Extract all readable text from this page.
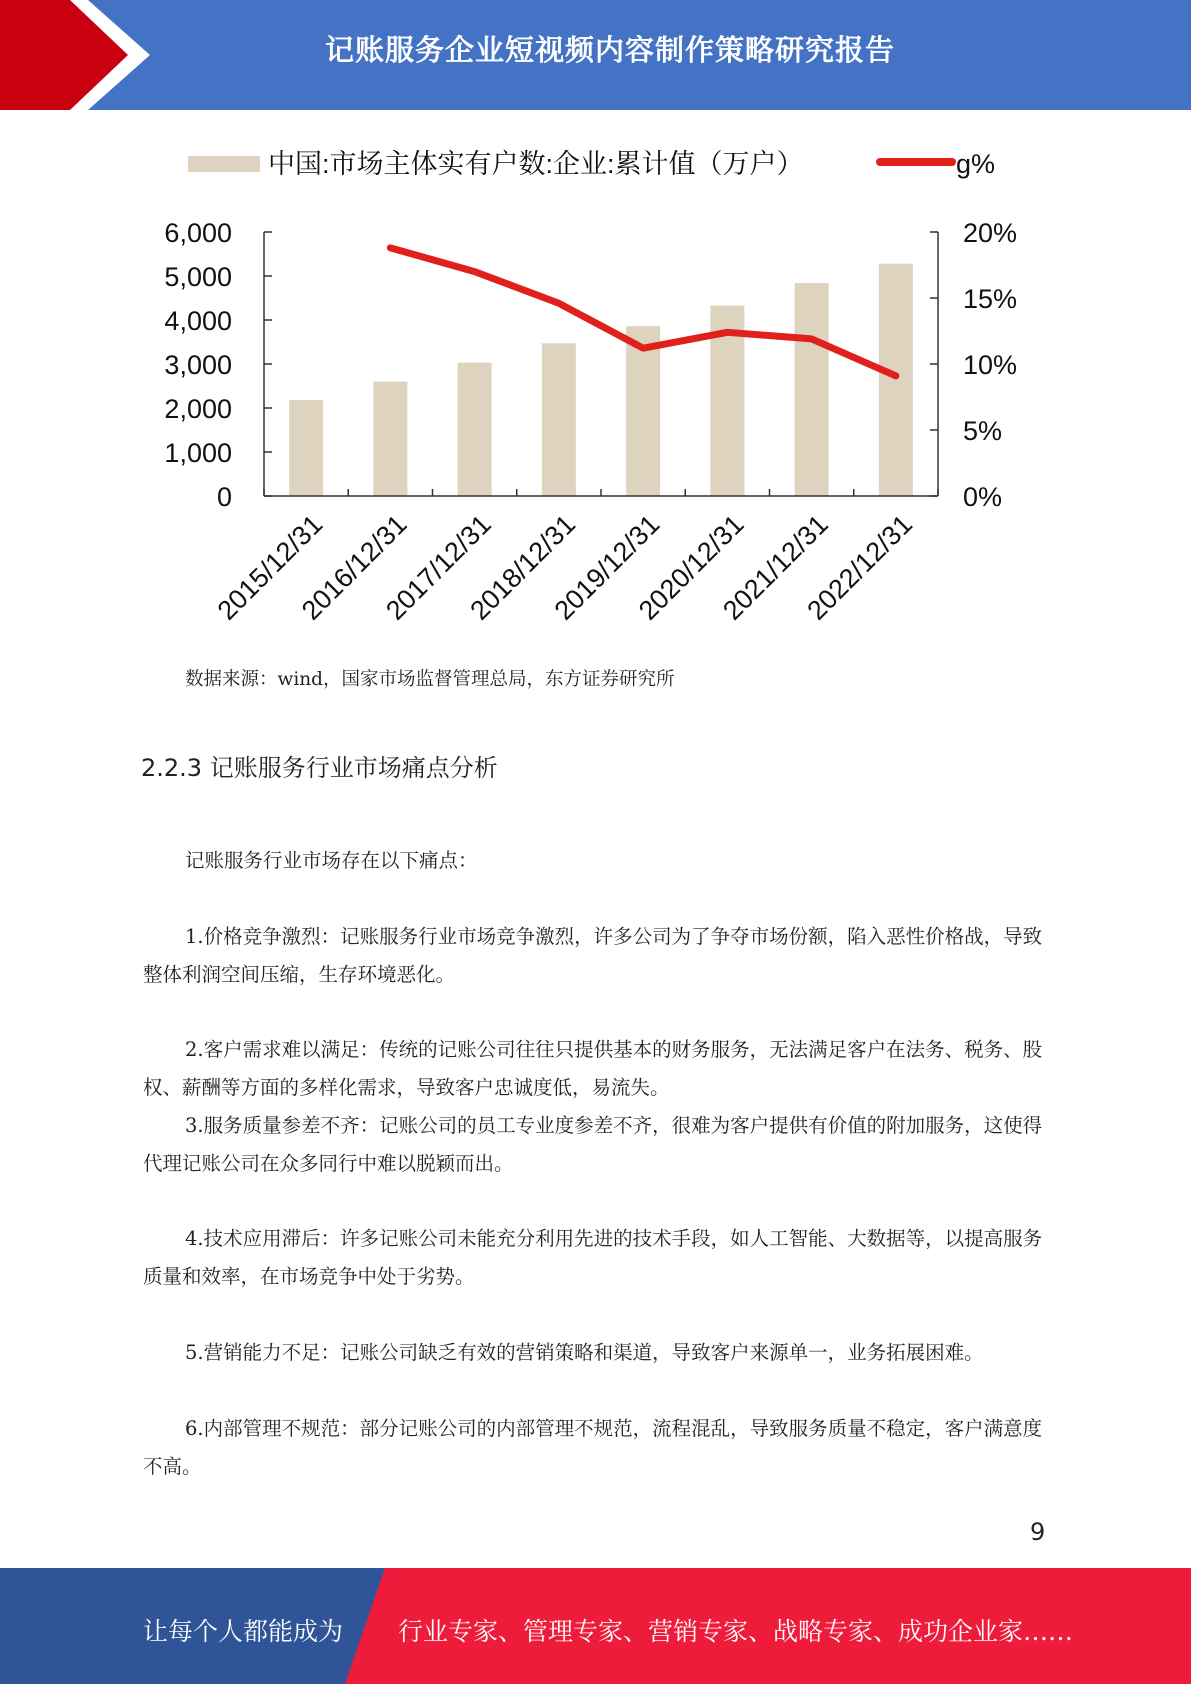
记账服务企业短视频内容制作策略研究报告
中国:市场主体实有户数:企业:累计值（万户）	g%
0
1,000
2,000
3,000
4,000
5,000
6,000
0%
5%
10%
15%
20%
2015/12/31
2016/12/31
2017/12/31
2018/12/31
2019/12/31
2020/12/31
2021/12/31
2022/12/31
数据来源：wind，国家市场监督管理总局，东方证券研究所
2.2.3 记账服务行业市场痛点分析

记账服务行业市场存在以下痛点：

1.价格竞争激烈：记账服务行业市场竞争激烈，许多公司为了争夺市场份额，陷入恶性价格战，导致整体利润空间压缩，生存环境恶化。

2.客户需求难以满足：传统的记账公司往往只提供基本的财务服务，无法满足客户在法务、税务、股权、薪酬等方面的多样化需求，导致客户忠诚度低，易流失。

3.服务质量参差不齐：记账公司的员工专业度参差不齐，很难为客户提供有价值的附加服务，这使得代理记账公司在众多同行中难以脱颖而出。

4.技术应用滞后：许多记账公司未能充分利用先进的技术手段，如人工智能、大数据等，以提高服务质量和效率，在市场竞争中处于劣势。

5.营销能力不足：记账公司缺乏有效的营销策略和渠道，导致客户来源单一，业务拓展困难。

6.内部管理不规范：部分记账公司的内部管理不规范，流程混乱，导致服务质量不稳定，客户满意度不高。

9
让每个人都能成为 行业专家、管理专家、营销专家、战略专家、成功企业家……
